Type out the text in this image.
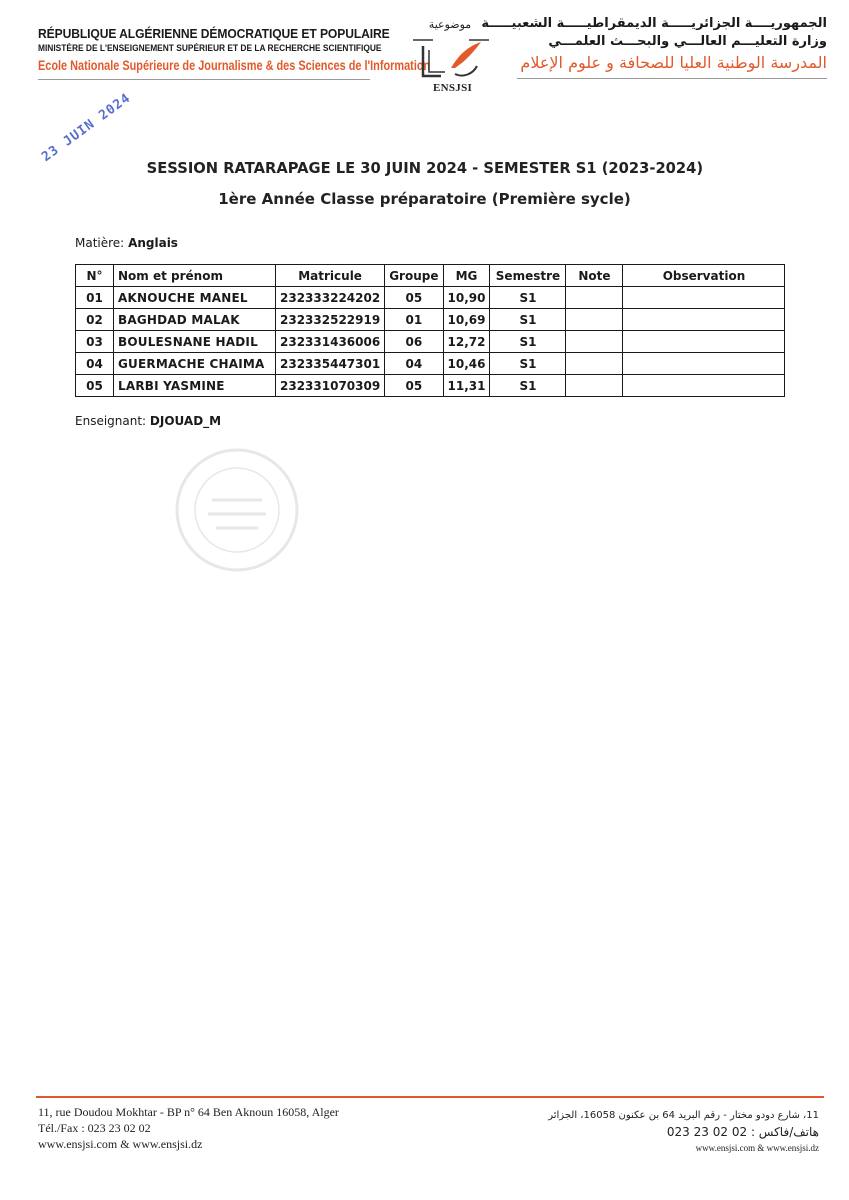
RÉPUBLIQUE ALGÉRIENNE DÉMOCRATIQUE ET POPULAIRE
MINISTÈRE DE L'ENSEIGNEMENT SUPÉRIEUR ET DE LA RECHERCHE SCIENTIFIQUE
Ecole Nationale Supérieure de Journalisme & des Sciences de l'Information
موضوعية
ENSJSI
الجمهوريــــة الجزائريـــــة الديمقراطيـــــة الشعبيـــــة
وزارة التعليـــم العالـــي والبحـــث العلمـــي
المدرسة الوطنية العليا للصحافة و علوم الإعلام
23 JUIN 2024
SESSION RATARAPAGE LE 30 JUIN 2024 - SEMESTER S1 (2023-2024)
1ère Année Classe préparatoire (Première sycle)
Matière: Anglais
N°	Nom et prénom	Matricule	Groupe	MG	Semestre	Note	Observation
01	AKNOUCHE MANEL	232333224202	05	10,90	S1		
02	BAGHDAD MALAK	232332522919	01	10,69	S1		
03	BOULESNANE HADIL	232331436006	06	12,72	S1		
04	GUERMACHE CHAIMA	232335447301	04	10,46	S1		
05	LARBI YASMINE	232331070309	05	11,31	S1		
Enseignant: DJOUAD_M
11, rue Doudou Mokhtar - BP n° 64 Ben Aknoun 16058, Alger
Tél./Fax : 023 23 02 02
www.ensjsi.com & www.ensjsi.dz
11، شارع دودو مختار - رقم البريد 64 بن عكنون 16058، الجزائر
هاتف/فاكس : 02 02 23 023
www.ensjsi.com & www.ensjsi.dz
